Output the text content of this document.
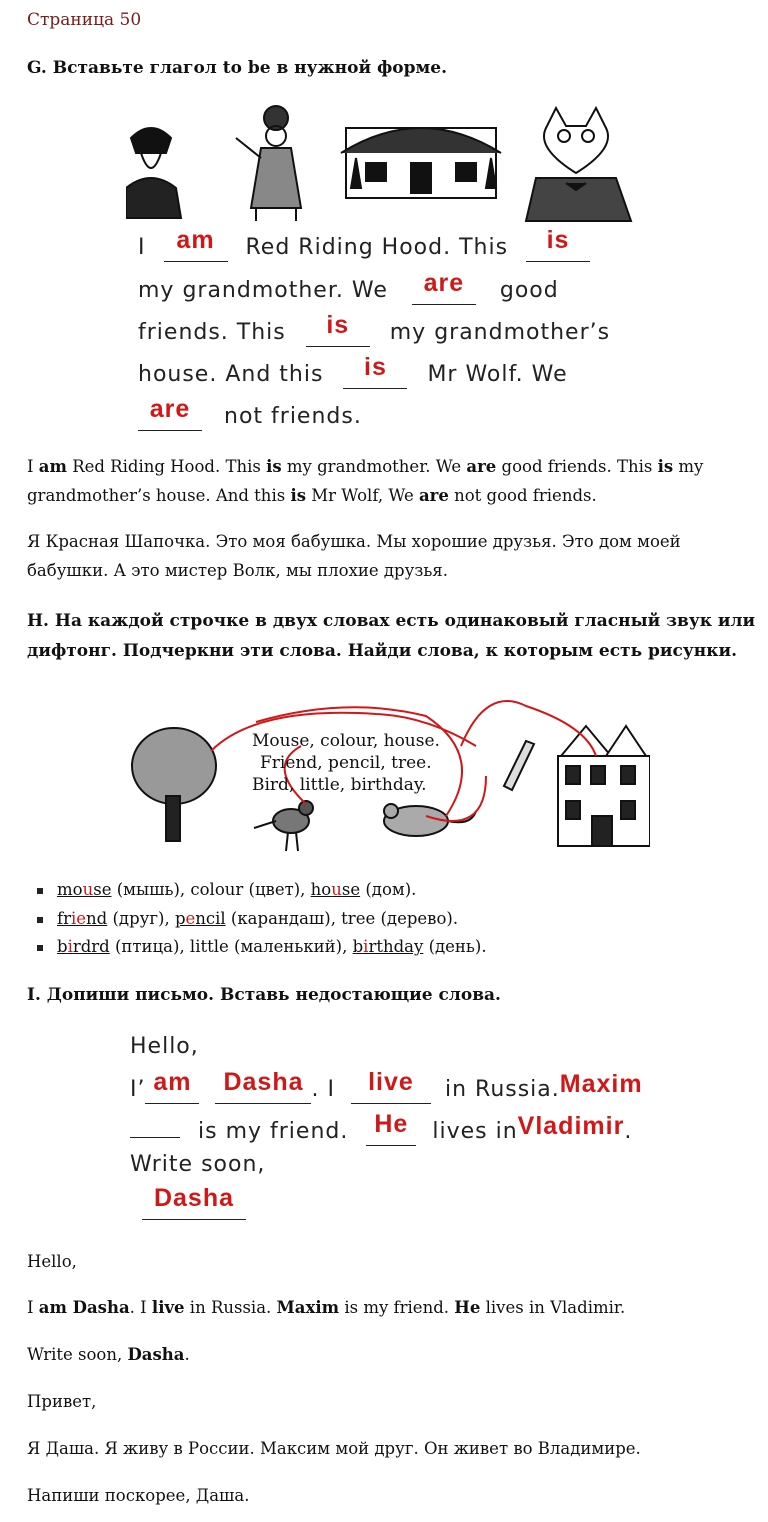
Страница 50
G. Вставьте глагол to be в нужной форме.
I am Red Riding Hood. This is
my grandmother. We are good
friends. This is my grandmother’s
house. And this is Mr Wolf. We
are not friends.
I am Red Riding Hood. This is my grandmother. We are good friends. This is my grandmother’s house. And this is Mr Wolf, We are not good friends.
Я Красная Шапочка. Это моя бабушка. Мы хорошие друзья. Это дом моей бабушки. А это мистер Волк, мы плохие друзья.
H. На каждой строчке в двух словах есть одинаковый гласный звук или
дифтонг. Подчеркни эти слова. Найди слова, к которым есть рисунки.
Mouse, colour, house.
Friend, pencil, tree.
Bird, little, birthday.
mouse (мышь), colour (цвет), house (дом).
friend (друг), pencil (карандаш), tree (дерево).
birdrd (птица), little (маленький), birthday (день).
I. Допиши письмо. Вставь недостающие слова.
Hello,
I’ am Dasha . I live in Russia.Maxim
is my friend. He lives inVladimir.
Write soon,
Dasha
Hello,
I am Dasha. I live in Russia. Maxim is my friend. He lives in Vladimir.
Write soon, Dasha.
Привет,
Я Даша. Я живу в России. Максим мой друг. Он живет во Владимире.
Напиши поскорее, Даша.
